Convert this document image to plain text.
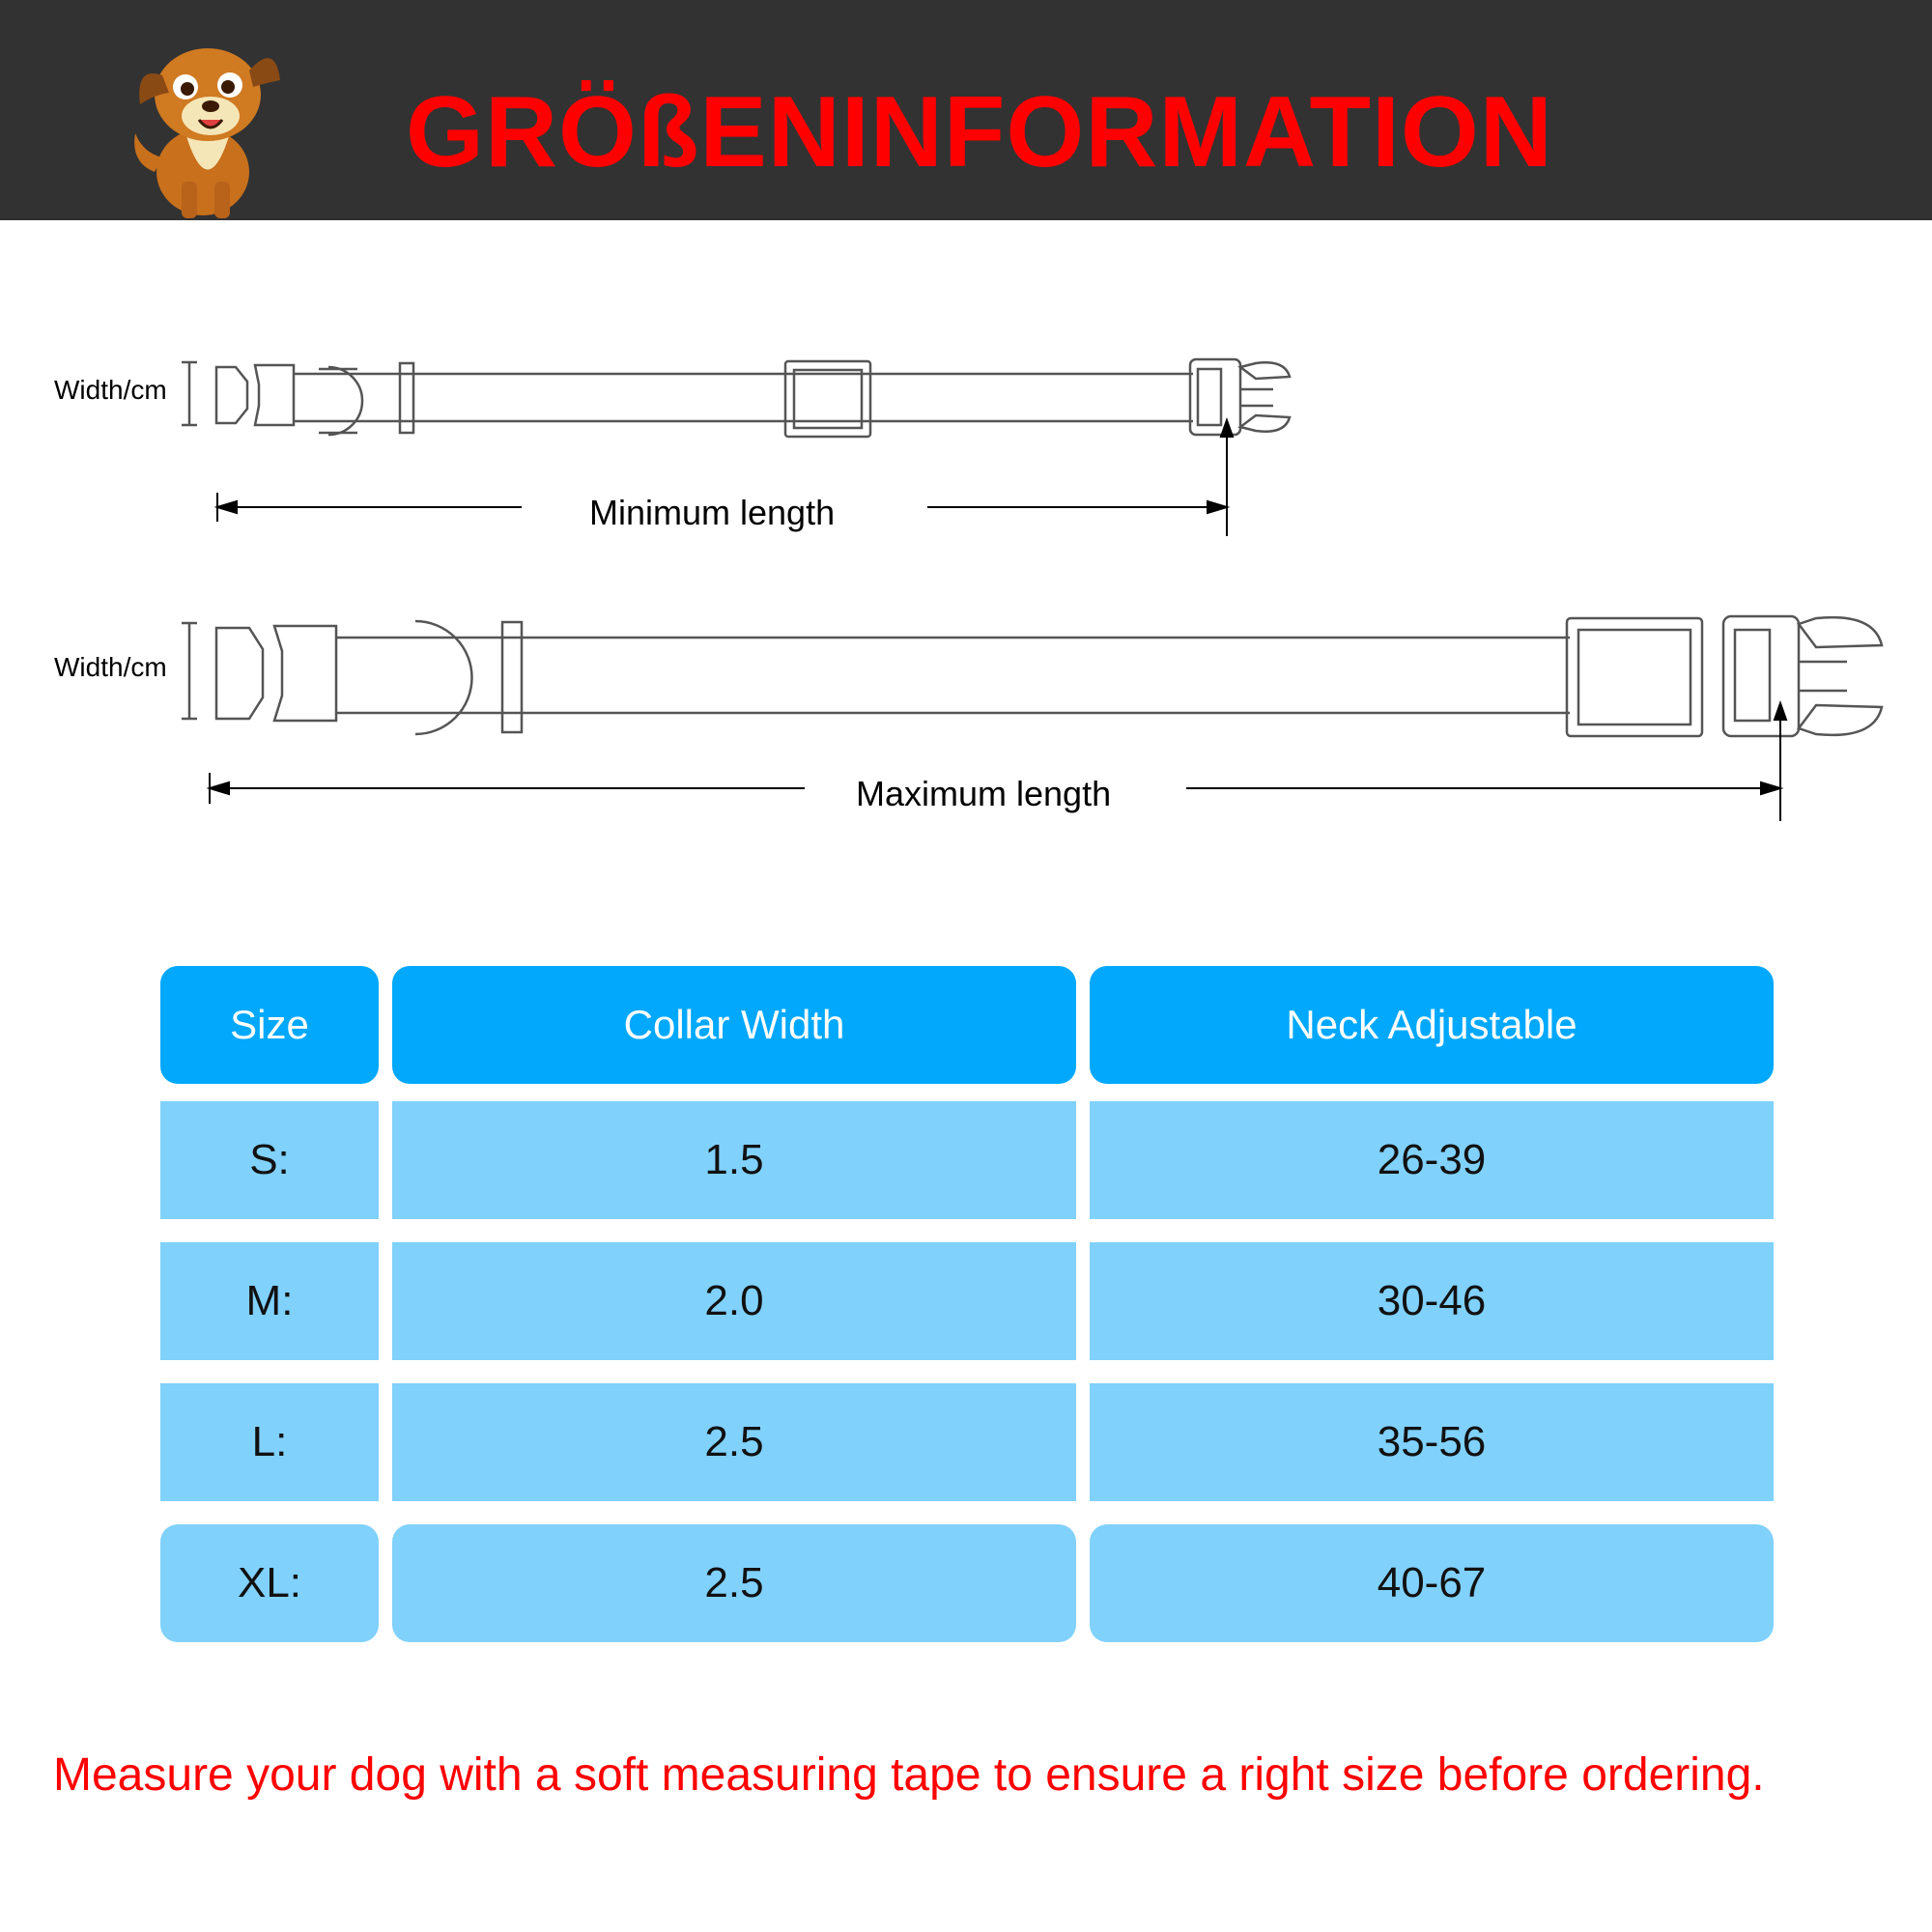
GRÖßENINFORMATION
Width/cm
Minimum length
Width/cm
Maximum length
Size	Collar Width	Neck Adjustable
S:	1.5	26-39
M:	2.0	30-46
L:	2.5	35-56
XL:	2.5	40-67
Measure your dog with a soft measuring tape to ensure a right size before ordering.
